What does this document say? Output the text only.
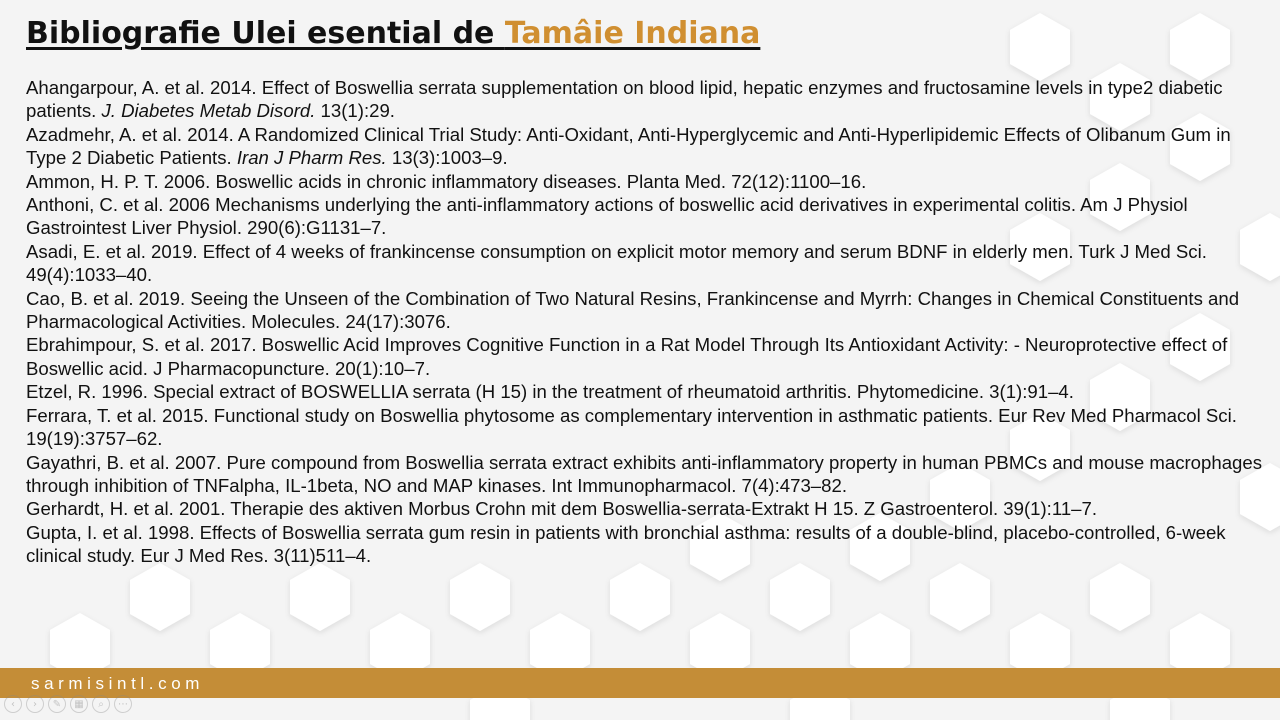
Bibliografie Ulei esential de Tamâie Indiana

Ahangarpour, A. et al. 2014. Effect of Boswellia serrata supplementation on blood lipid, hepatic enzymes and fructosamine levels in type2 diabetic patients. J. Diabetes Metab Disord. 13(1):29.

Azadmehr, A. et al. 2014. A Randomized Clinical Trial Study: Anti-Oxidant, Anti-Hyperglycemic and Anti-Hyperlipidemic Effects of Olibanum Gum in Type 2 Diabetic Patients. Iran J Pharm Res. 13(3):1003–9.

Ammon, H. P. T. 2006. Boswellic acids in chronic inflammatory diseases. Planta Med. 72(12):1100–16.

Anthoni, C. et al. 2006 Mechanisms underlying the anti-inflammatory actions of boswellic acid derivatives in experimental colitis. Am J Physiol Gastrointest Liver Physiol. 290(6):G1131–7.

Asadi, E. et al. 2019. Effect of 4 weeks of frankincense consumption on explicit motor memory and serum BDNF in elderly men. Turk J Med Sci. 49(4):1033–40.

Cao, B. et al. 2019. Seeing the Unseen of the Combination of Two Natural Resins, Frankincense and Myrrh: Changes in Chemical Constituents and Pharmacological Activities. Molecules. 24(17):3076.

Ebrahimpour, S. et al. 2017. Boswellic Acid Improves Cognitive Function in a Rat Model Through Its Antioxidant Activity: - Neuroprotective effect of Boswellic acid. J Pharmacopuncture. 20(1):10–7.

Etzel, R. 1996. Special extract of BOSWELLIA serrata (H 15) in the treatment of rheumatoid arthritis. Phytomedicine. 3(1):91–4.

Ferrara, T. et al. 2015. Functional study on Boswellia phytosome as complementary intervention in asthmatic patients. Eur Rev Med Pharmacol Sci. 19(19):3757–62.

Gayathri, B. et al. 2007. Pure compound from Boswellia serrata extract exhibits anti-inflammatory property in human PBMCs and mouse macrophages through inhibition of TNFalpha, IL-1beta, NO and MAP kinases. Int Immunopharmacol. 7(4):473–82.

Gerhardt, H. et al. 2001. Therapie des aktiven Morbus Crohn mit dem Boswellia-serrata-Extrakt H 15. Z Gastroenterol. 39(1):11–7.

Gupta, I. et al. 1998. Effects of Boswellia serrata gum resin in patients with bronchial asthma: results of a double-blind, placebo-controlled, 6-week clinical study. Eur J Med Res. 3(11)511–4.

sarmisintl.com
‹	›	✎	▦	⌕	⋯
